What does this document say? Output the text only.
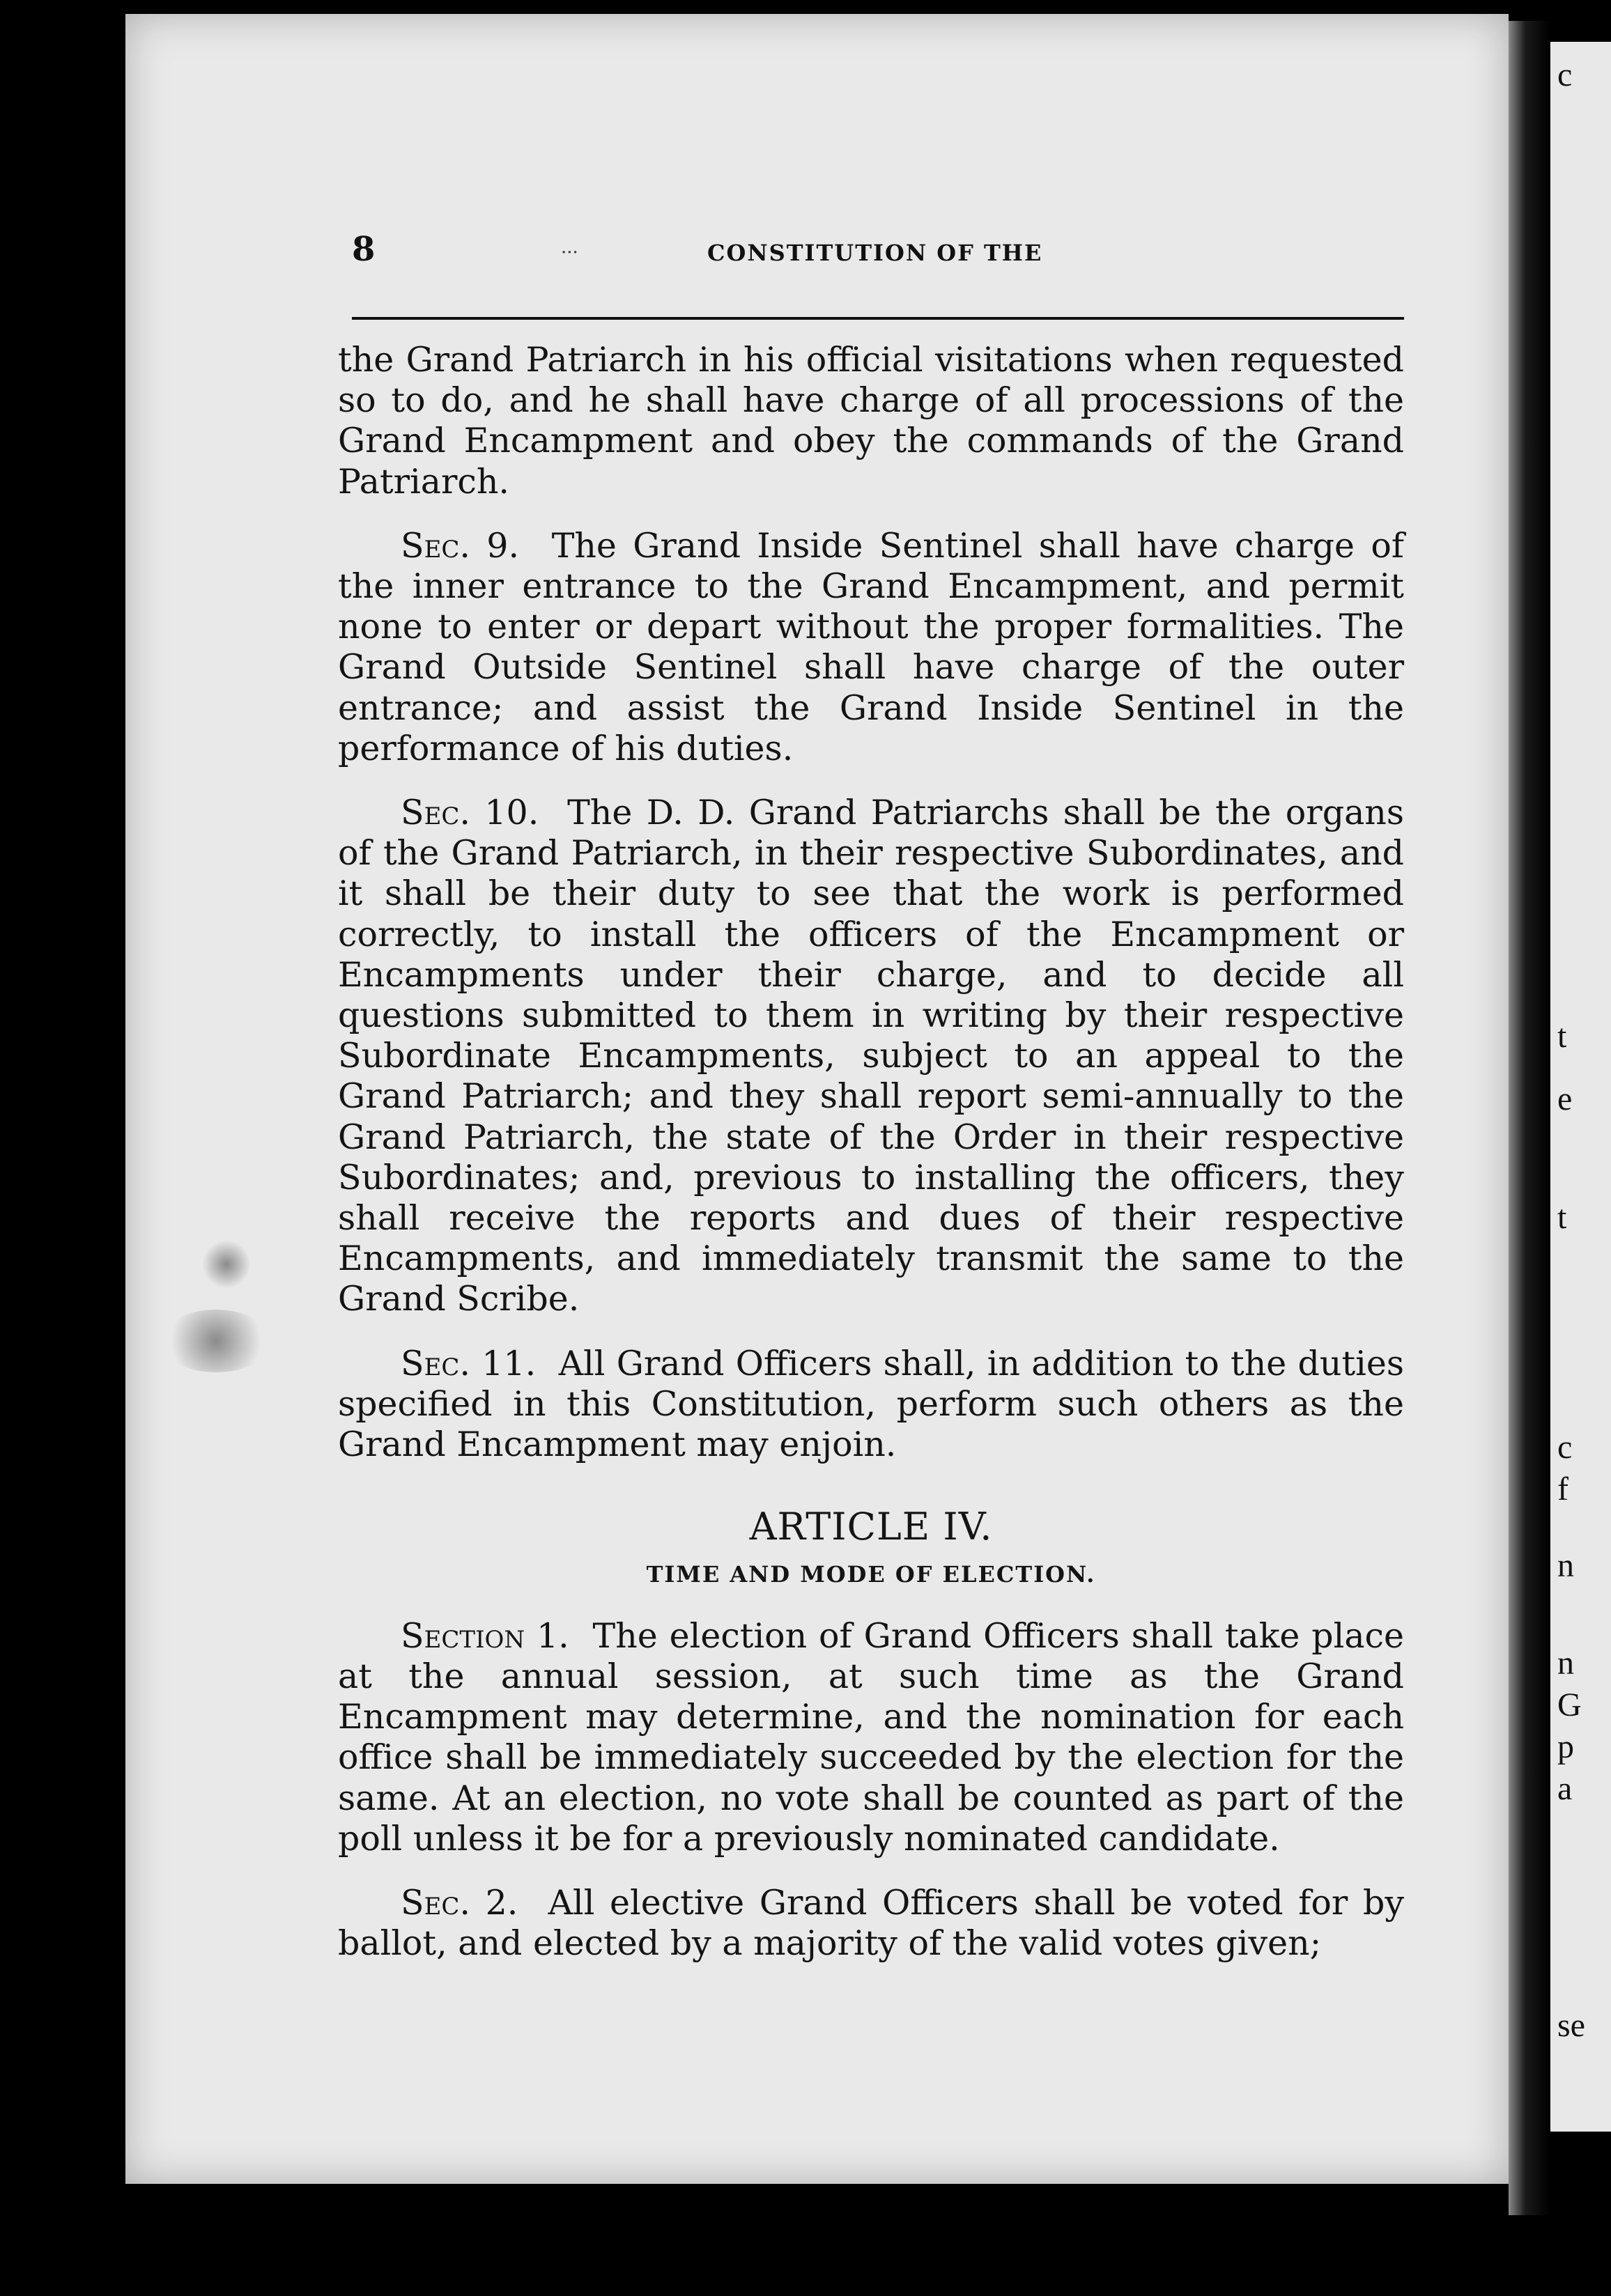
c
t
e
t
c
f
n
n
G
p
a
se
8	...	CONSTITUTION OF THE

the Grand Patriarch in his official visitations when requested so to do, and he shall have charge of all processions of the Grand Encampment and obey the commands of the Grand Patriarch.

Sec. 9. The Grand Inside Sentinel shall have charge of the inner entrance to the Grand Encampment, and permit none to enter or depart without the proper formalities. The Grand Outside Sentinel shall have charge of the outer entrance; and assist the Grand Inside Sentinel in the performance of his duties.

Sec. 10. The D. D. Grand Patriarchs shall be the organs of the Grand Patriarch, in their respective Subordinates, and it shall be their duty to see that the work is performed correctly, to install the officers of the Encampment or Encampments under their charge, and to decide all questions submitted to them in writing by their respective Subordinate Encampments, subject to an appeal to the Grand Patriarch; and they shall report semi-annually to the Grand Patriarch, the state of the Order in their respective Subordinates; and, previous to installing the officers, they shall receive the reports and dues of their respective Encampments, and immediately transmit the same to the Grand Scribe.

Sec. 11. All Grand Officers shall, in addition to the duties specified in this Constitution, perform such others as the Grand Encampment may enjoin.

ARTICLE IV.
TIME AND MODE OF ELECTION.

Section 1. The election of Grand Officers shall take place at the annual session, at such time as the Grand Encampment may determine, and the nomination for each office shall be immediately succeeded by the election for the same. At an election, no vote shall be counted as part of the poll unless it be for a previously nominated candidate.

Sec. 2. All elective Grand Officers shall be voted for by ballot, and elected by a majority of the valid votes given;
